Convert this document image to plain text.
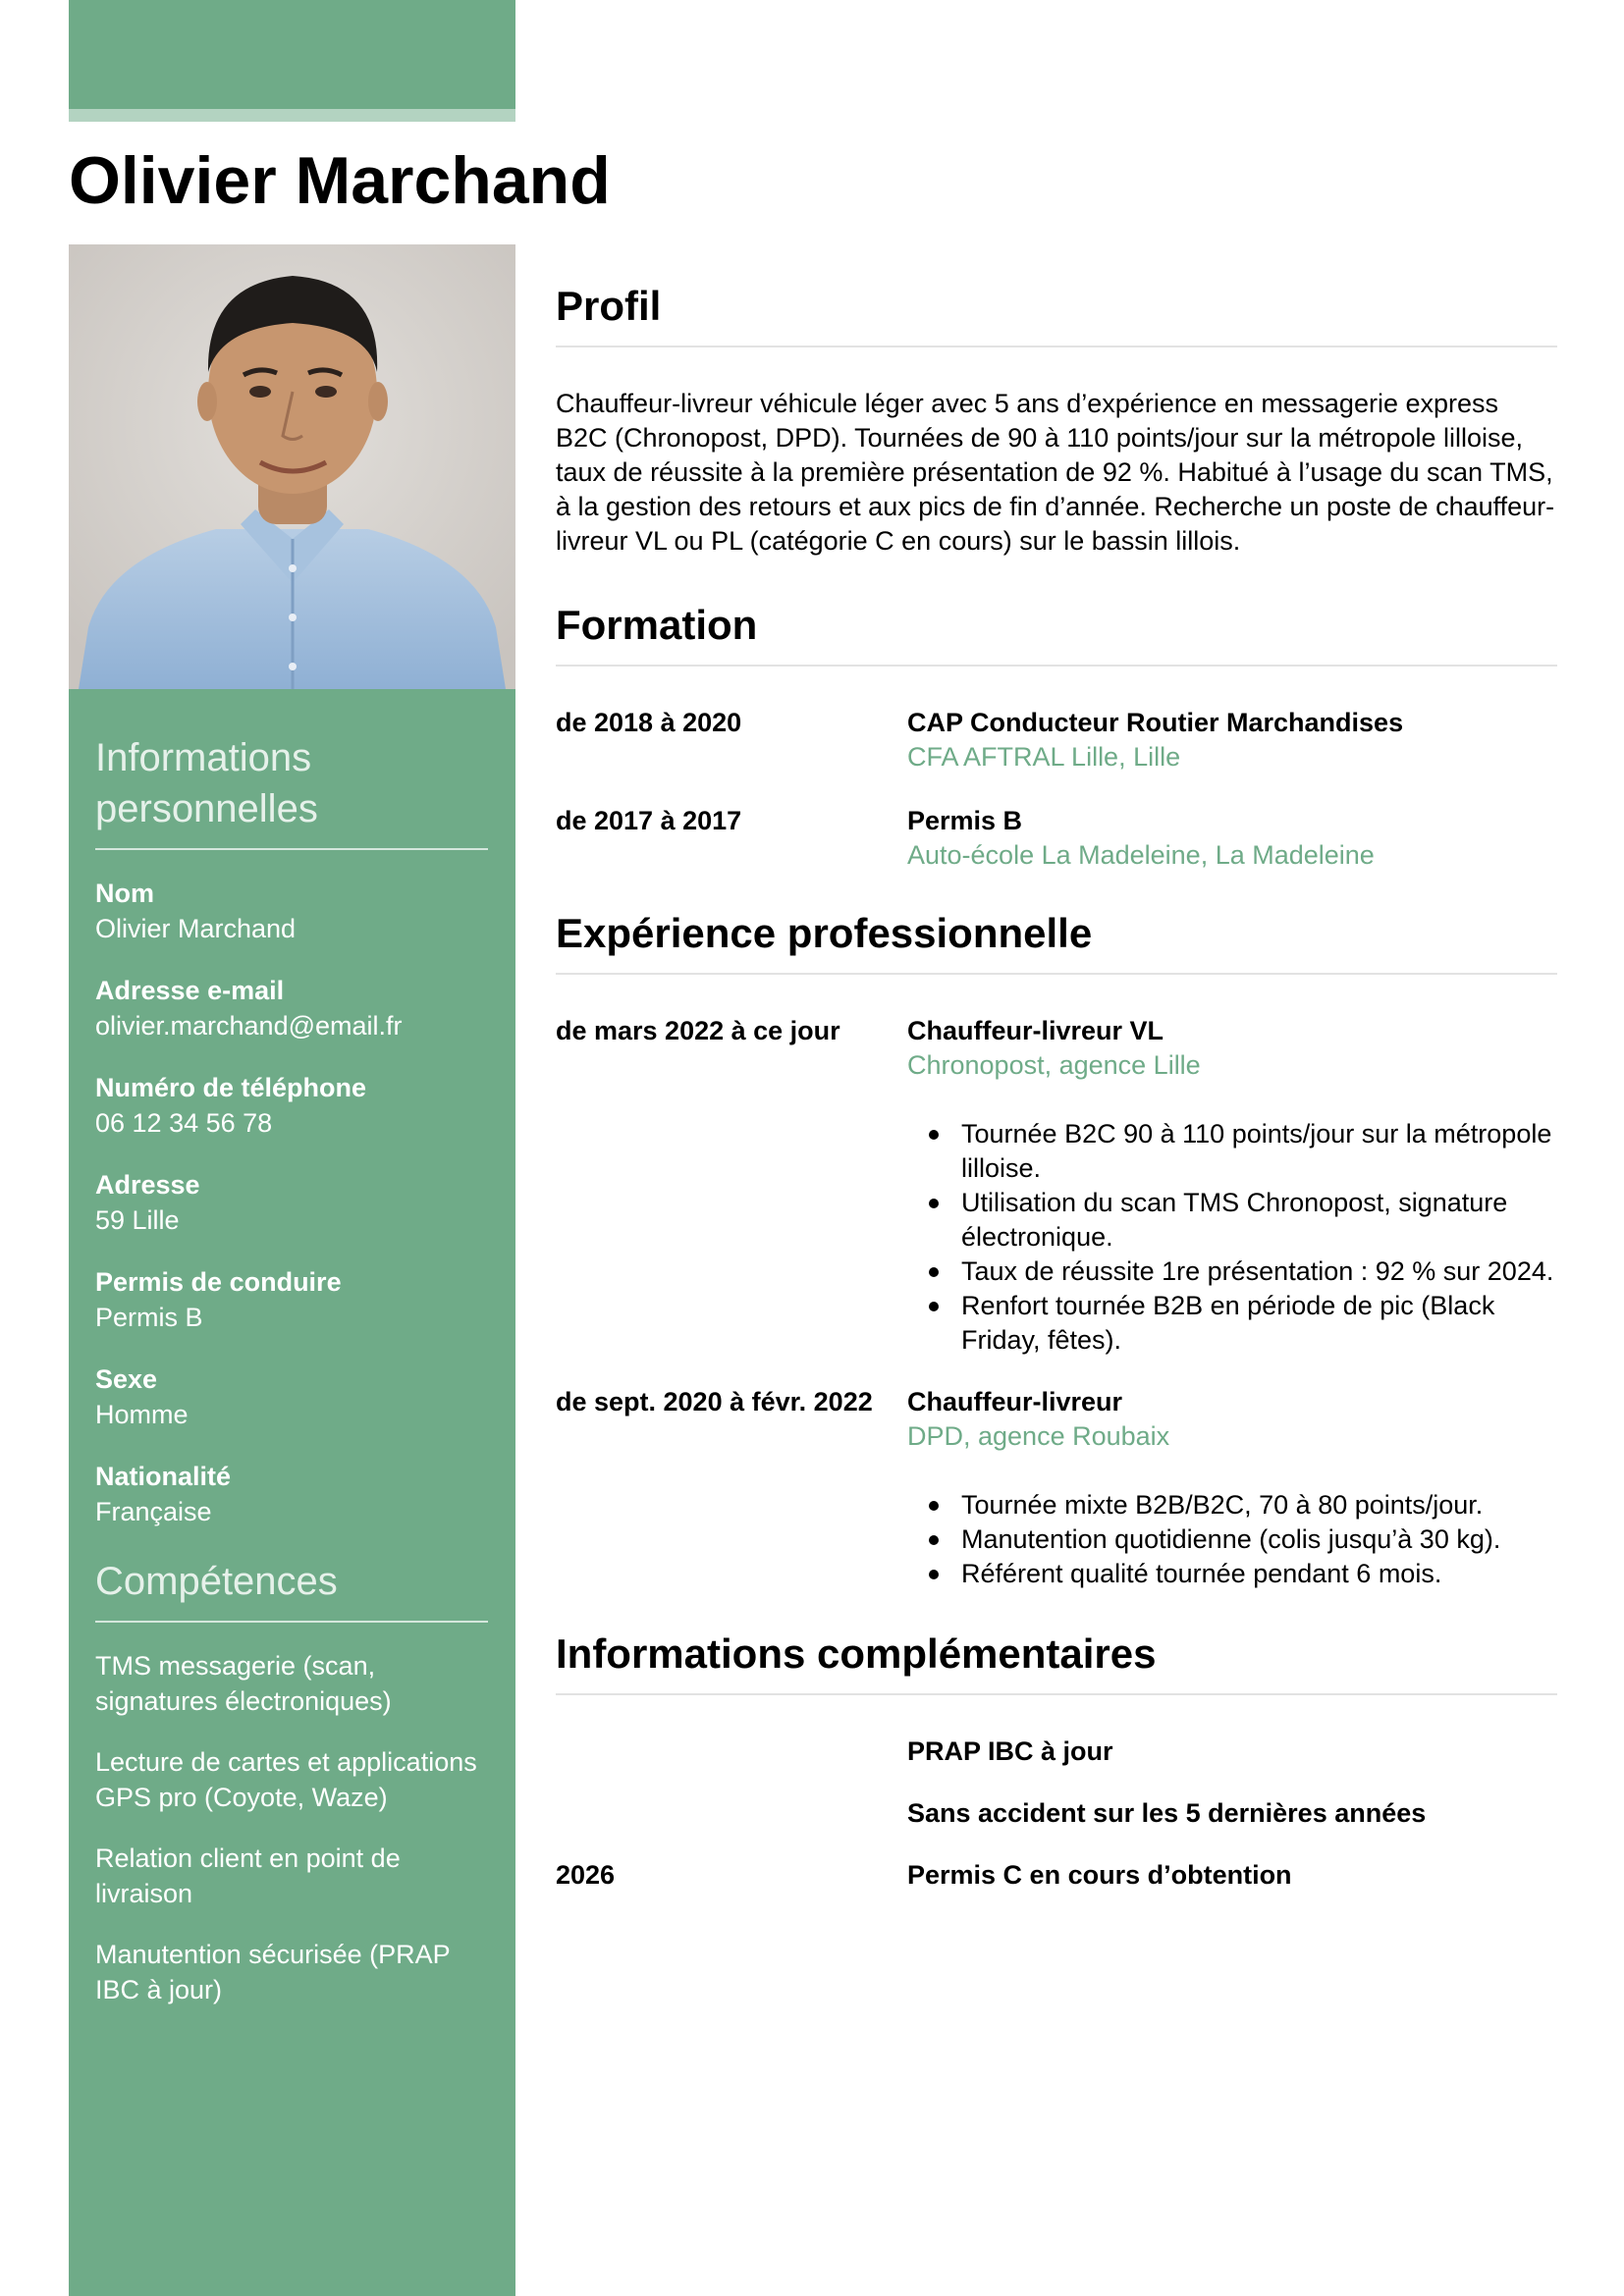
Olivier Marchand
Informations personnelles
Nom
Olivier Marchand
Adresse e-mail
olivier.marchand@email.fr
Numéro de téléphone
06 12 34 56 78
Adresse
59 Lille
Permis de conduire
Permis B
Sexe
Homme
Nationalité
Française
Compétences
TMS messagerie (scan, signatures électroniques)
Lecture de cartes et applications GPS pro (Coyote, Waze)
Relation client en point de livraison
Manutention sécurisée (PRAP IBC à jour)
Profil

Chauffeur-livreur véhicule léger avec 5 ans d’expérience en messagerie express B2C (Chronopost, DPD). Tournées de 90 à 110 points/jour sur la métropole lilloise, taux de réussite à la première présentation de 92 %. Habitué à l’usage du scan TMS, à la gestion des retours et aux pics de fin d’année. Recherche un poste de chauffeur-livreur VL ou PL (catégorie C en cours) sur le bassin lillois.

Formation
de 2018 à 2020	CAP Conducteur Routier Marchandises
CFA AFTRAL Lille, Lille
de 2017 à 2017	Permis B
Auto-école La Madeleine, La Madeleine
Expérience professionnelle
de mars 2022 à ce jour	Chauffeur-livreur VL
Chronopost, agence Lille
Tournée B2C 90 à 110 points/jour sur la métropole lilloise.
Utilisation du scan TMS Chronopost, signature électronique.
Taux de réussite 1re présentation : 92 % sur 2024.
Renfort tournée B2B en période de pic (Black Friday, fêtes).
de sept. 2020 à févr. 2022	Chauffeur-livreur
DPD, agence Roubaix
Tournée mixte B2B/B2C, 70 à 80 points/jour.
Manutention quotidienne (colis jusqu’à 30 kg).
Référent qualité tournée pendant 6 mois.
Informations complémentaires
PRAP IBC à jour
Sans accident sur les 5 dernières années
2026	Permis C en cours d’obtention
